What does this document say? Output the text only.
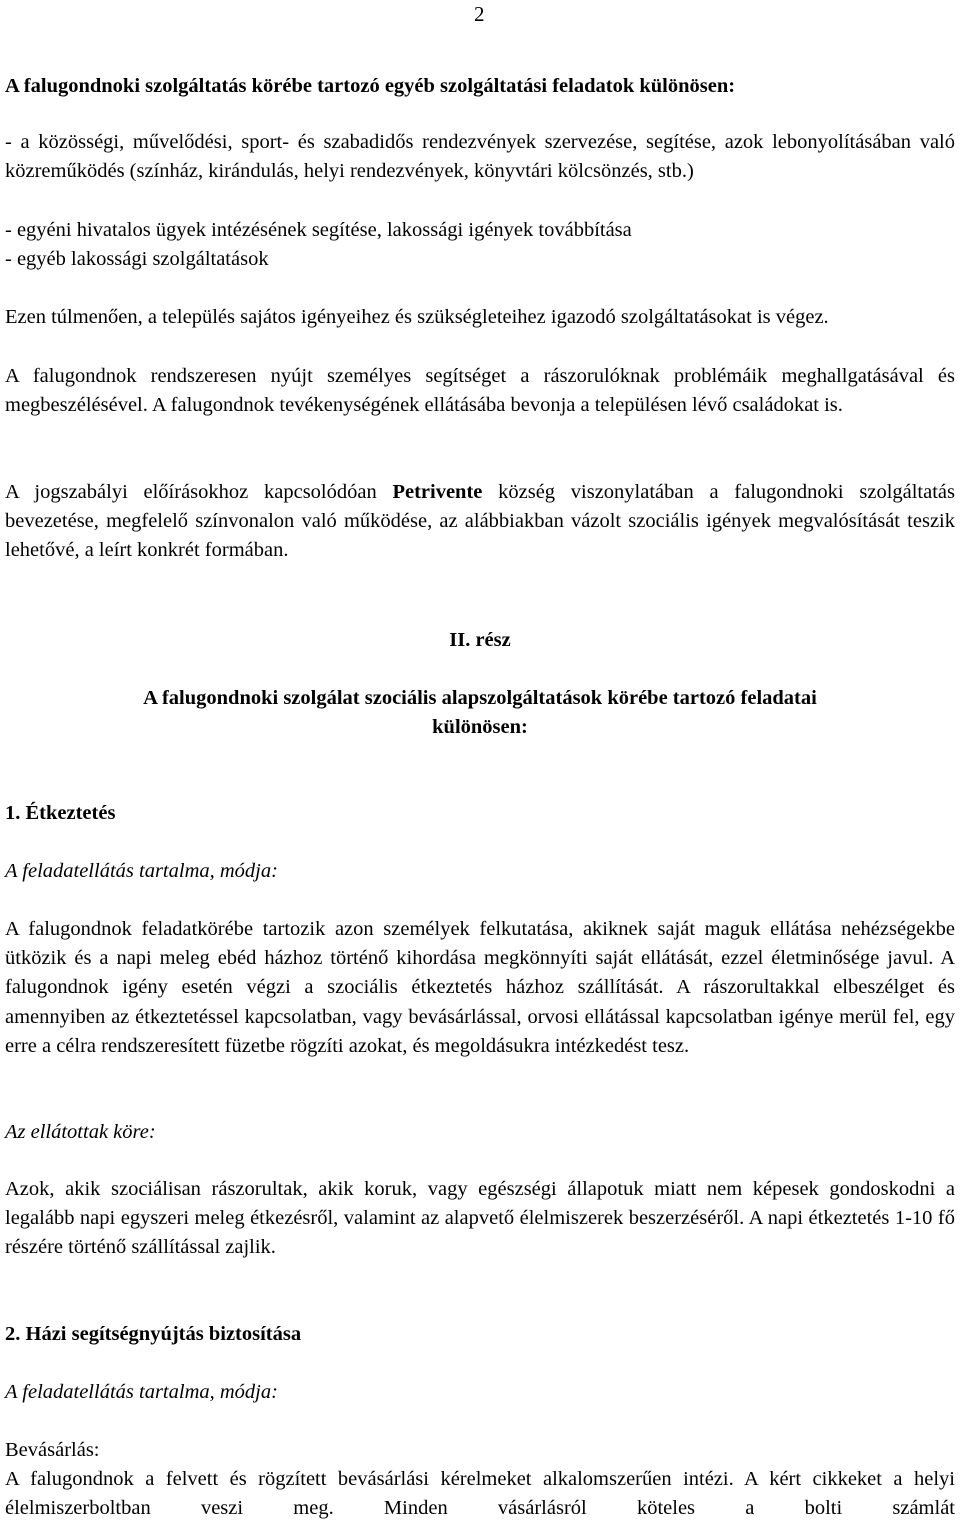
2

A falugondnoki szolgáltatás körébe tartozó egyéb szolgáltatási feladatok különösen:

- a közösségi, művelődési, sport- és szabadidős rendezvények szervezése, segítése, azok lebonyolításában való közreműködés (színház, kirándulás, helyi rendezvények, könyvtári kölcsönzés, stb.)

- egyéni hivatalos ügyek intézésének segítése, lakossági igények továbbítása

- egyéb lakossági szolgáltatások

Ezen túlmenően, a település sajátos igényeihez és szükségleteihez igazodó szolgáltatásokat is végez.

A falugondnok rendszeresen nyújt személyes segítséget a rászorulóknak problémáik meghallgatásával és megbeszélésével. A falugondnok tevékenységének ellátásába bevonja a településen lévő családokat is.

A jogszabályi előírásokhoz kapcsolódóan Petrivente község viszonylatában a falugondnoki szolgáltatás bevezetése, megfelelő színvonalon való működése, az alábbiakban vázolt szociális igények megvalósítását teszik lehetővé, a leírt konkrét formában.

II. rész

A falugondnoki szolgálat szociális alapszolgáltatások körébe tartozó feladatai
különösen:

1. Étkeztetés

A feladatellátás tartalma, módja:

A falugondnok feladatkörébe tartozik azon személyek felkutatása, akiknek saját maguk ellátása nehézségekbe ütközik és a napi meleg ebéd házhoz történő kihordása megkönnyíti saját ellátását, ezzel életminősége javul. A falugondnok igény esetén végzi a szociális étkeztetés házhoz szállítását. A rászorultakkal elbeszélget és amennyiben az étkeztetéssel kapcsolatban, vagy bevásárlással, orvosi ellátással kapcsolatban igénye merül fel, egy erre a célra rendszeresített füzetbe rögzíti azokat, és megoldásukra intézkedést tesz.

Az ellátottak köre:

Azok, akik szociálisan rászorultak, akik koruk, vagy egészségi állapotuk miatt nem képesek gondoskodni a legalább napi egyszeri meleg étkezésről, valamint az alapvető élelmiszerek beszerzéséről. A napi étkeztetés 1-10 fő részére történő szállítással zajlik.

2. Házi segítségnyújtás biztosítása

A feladatellátás tartalma, módja:

Bevásárlás:

A falugondnok a felvett és rögzített bevásárlási kérelmeket alkalomszerűen intézi. A kért cikkeket a helyi élelmiszerboltban veszi meg. Minden vásárlásról köteles a bolti számlát
